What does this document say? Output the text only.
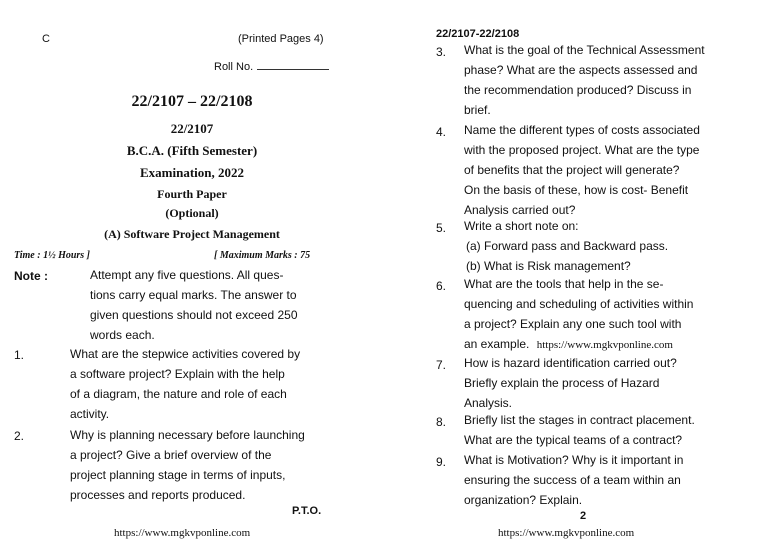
C	(Printed Pages 4)
Roll No.
22/2107 – 22/2108
22/2107
B.C.A. (Fifth Semester)
Examination, 2022
Fourth Paper
(Optional)
(A) Software Project Management
Time : 1½ Hours ]	[ Maximum Marks : 75
Note :	Attempt any five questions. All ques-
tions carry equal marks. The answer to
given questions should not exceed 250
words each.
1.	What are the stepwice activities covered by
a software project? Explain with the help
of a diagram, the nature and role of each
activity.
2.	Why is planning necessary before launching
a project? Give a brief overview of the
project planning stage in terms of inputs,
processes and reports produced.
P.T.O.
https://www.mgkvponline.com
22/2107-22/2108
3. What is the goal of the Technical Assessment
phase? What are the aspects assessed and
the recommendation produced? Discuss in
brief.
4. Name the different types of costs associated
with the proposed project. What are the type
of benefits that the project will generate?
On the basis of these, how is cost- Benefit
Analysis carried out?
5. Write a short note on:
(a) Forward pass and Backward pass.
(b) What is Risk management?
6. What are the tools that help in the se-
quencing and scheduling of activities within
a project? Explain any one such tool with
an example. https://www.mgkvponline.com
7. How is hazard identification carried out?
Briefly explain the process of Hazard
Analysis.
8. Briefly list the stages in contract placement.
What are the typical teams of a contract?
9. What is Motivation? Why is it important in
ensuring the success of a team within an
organization? Explain.
2
https://www.mgkvponline.com
